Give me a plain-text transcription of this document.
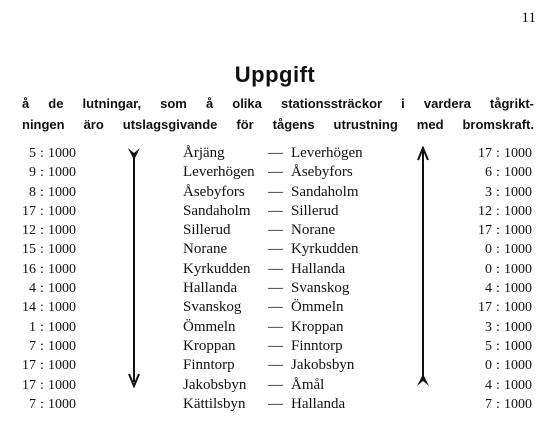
11
Uppgift
å de lutningar, som å olika stationssträckor i vardera tågrikt-
ningen äro utslagsgivande för tågens utrustning med bromskraft.
5 : 1000	Årjäng	— Leverhögen	17 : 1000
9 : 1000	Leverhögen — Åsebyfors	6 : 1000
8 : 1000	Åsebyfors — Sandaholm	3 : 1000
17 : 1000	Sandaholm — Sillerud	12 : 1000
12 : 1000	Sillerud	— Norane	17 : 1000
15 : 1000	Norane	— Kyrkudden	0 : 1000
16 : 1000	Kyrkudden — Hallanda	0 : 1000
4 : 1000	Hallanda — Svanskog	4 : 1000
14 : 1000	Svanskog — Ömmeln	17 : 1000
1 : 1000	Ömmeln — Kroppan	3 : 1000
7 : 1000	Kroppan — Finntorp	5 : 1000
17 : 1000	Finntorp — Jakobsbyn	0 : 1000
17 : 1000	Jakobsbyn — Åmål	4 : 1000
7 : 1000	Kättilsbyn — Hallanda	7 : 1000
